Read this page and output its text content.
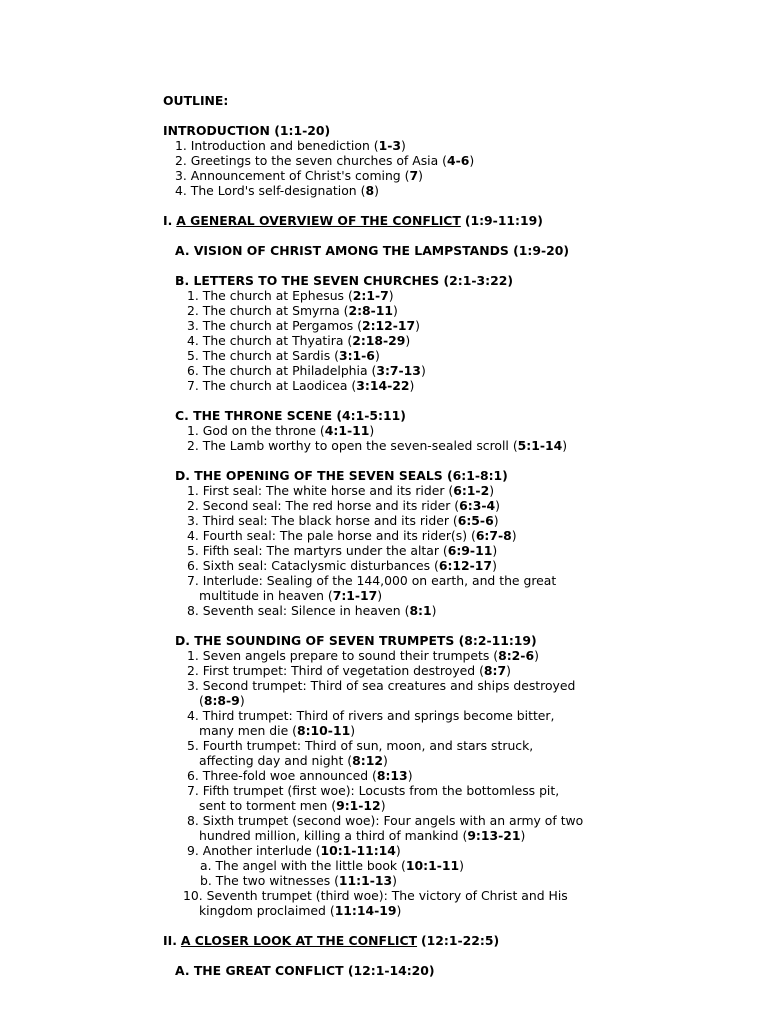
OUTLINE:
INTRODUCTION (1:1-20)
1. Introduction and benediction (1-3)
2. Greetings to the seven churches of Asia (4-6)
3. Announcement of Christ's coming (7)
4. The Lord's self-designation (8)
I. A GENERAL OVERVIEW OF THE CONFLICT (1:9-11:19)
A. VISION OF CHRIST AMONG THE LAMPSTANDS (1:9-20)
B. LETTERS TO THE SEVEN CHURCHES (2:1-3:22)
1. The church at Ephesus (2:1-7)
2. The church at Smyrna (2:8-11)
3. The church at Pergamos (2:12-17)
4. The church at Thyatira (2:18-29)
5. The church at Sardis (3:1-6)
6. The church at Philadelphia (3:7-13)
7. The church at Laodicea (3:14-22)
C. THE THRONE SCENE (4:1-5:11)
1. God on the throne (4:1-11)
2. The Lamb worthy to open the seven-sealed scroll (5:1-14)
D. THE OPENING OF THE SEVEN SEALS (6:1-8:1)
1. First seal: The white horse and its rider (6:1-2)
2. Second seal: The red horse and its rider (6:3-4)
3. Third seal: The black horse and its rider (6:5-6)
4. Fourth seal: The pale horse and its rider(s) (6:7-8)
5. Fifth seal: The martyrs under the altar (6:9-11)
6. Sixth seal: Cataclysmic disturbances (6:12-17)
7. Interlude: Sealing of the 144,000 on earth, and the great
multitude in heaven (7:1-17)
8. Seventh seal: Silence in heaven (8:1)
D. THE SOUNDING OF SEVEN TRUMPETS (8:2-11:19)
1. Seven angels prepare to sound their trumpets (8:2-6)
2. First trumpet: Third of vegetation destroyed (8:7)
3. Second trumpet: Third of sea creatures and ships destroyed
(8:8-9)
4. Third trumpet: Third of rivers and springs become bitter,
many men die (8:10-11)
5. Fourth trumpet: Third of sun, moon, and stars struck,
affecting day and night (8:12)
6. Three-fold woe announced (8:13)
7. Fifth trumpet (first woe): Locusts from the bottomless pit,
sent to torment men (9:1-12)
8. Sixth trumpet (second woe): Four angels with an army of two
hundred million, killing a third of mankind (9:13-21)
9. Another interlude (10:1-11:14)
a. The angel with the little book (10:1-11)
b. The two witnesses (11:1-13)
10. Seventh trumpet (third woe): The victory of Christ and His
kingdom proclaimed (11:14-19)
II. A CLOSER LOOK AT THE CONFLICT (12:1-22:5)
A. THE GREAT CONFLICT (12:1-14:20)
